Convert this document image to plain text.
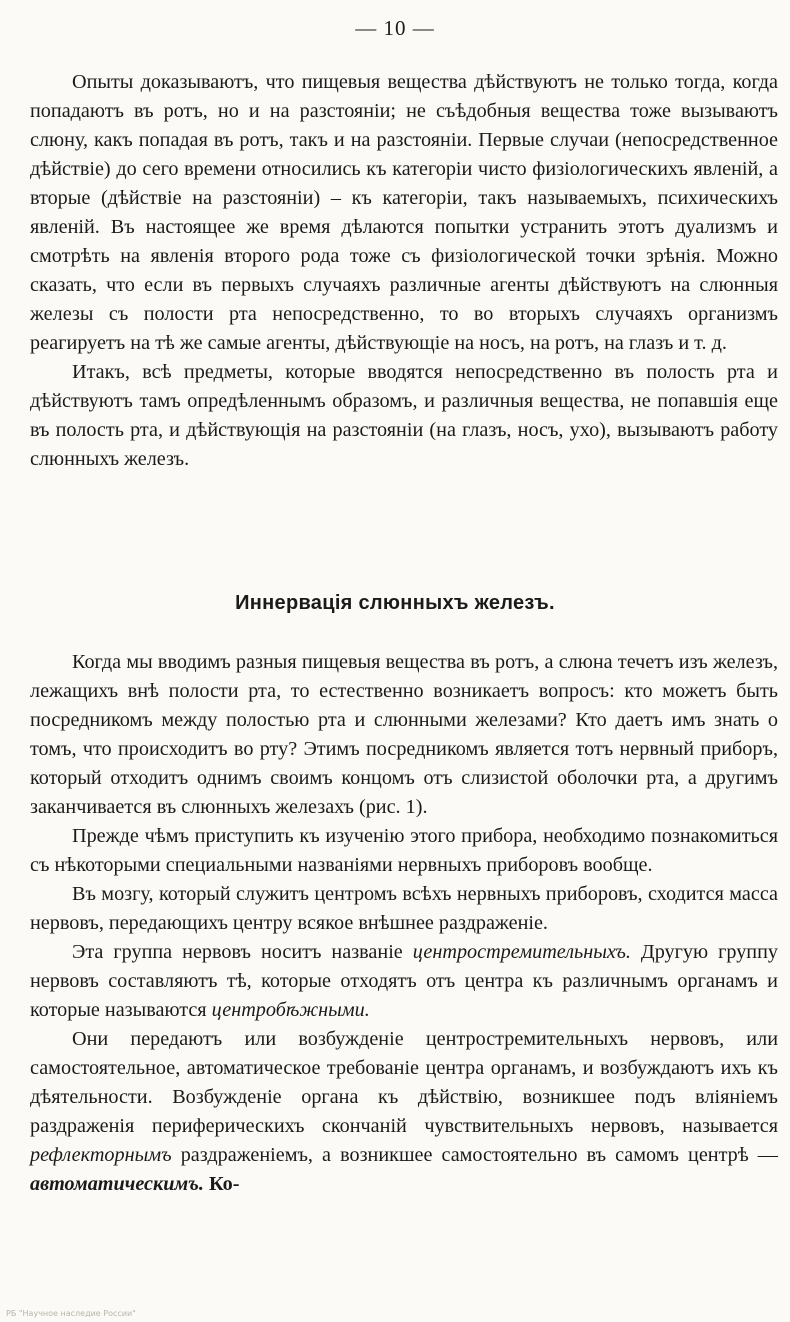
— 10 —

Опыты доказываютъ, что пищевыя вещества дѣйствуютъ не только тогда, когда попадаютъ въ ротъ, но и на разстоянiи; не съѣдобныя вещества тоже вызываютъ слюну, какъ попадая въ ротъ, такъ и на разстоянiи. Первые случаи (непосредственное дѣйствiе) до сего времени относились къ категорiи чисто физiологическихъ явленiй, а вторые (дѣйствiе на разстоянiи) – къ категорiи, такъ называемыхъ, психическихъ явленiй. Въ настоящее же время дѣлаются попытки устранить этотъ дуализмъ и смотрѣть на явленiя второго рода тоже съ физiологической точки зрѣнiя. Можно сказать, что если въ первыхъ случаяхъ различные агенты дѣйствуютъ на слюнныя железы съ полости рта непосредственно, то во вторыхъ случаяхъ организмъ реагируетъ на тѣ же самые агенты, дѣйствующiе на носъ, на ротъ, на глазъ и т. д.

Итакъ, всѣ предметы, которые вводятся непосредственно въ полость рта и дѣйствуютъ тамъ опредѣленнымъ образомъ, и различныя вещества, не попавшiя еще въ полость рта, и дѣйствующiя на разстоянiи (на глазъ, носъ, ухо), вызываютъ работу слюнныхъ железъ.

Иннервацiя слюнныхъ железъ.

Когда мы вводимъ разныя пищевыя вещества въ ротъ, а слюна течетъ изъ железъ, лежащихъ внѣ полости рта, то естественно возникаетъ вопросъ: кто можетъ быть посредникомъ между полостью рта и слюнными железами? Кто даетъ имъ знать о томъ, что происходитъ во рту? Этимъ посредникомъ является тотъ нервный приборъ, который отходитъ однимъ своимъ концомъ отъ слизистой оболочки рта, а другимъ заканчивается въ слюнныхъ железахъ (рис. 1).

Прежде чѣмъ приступить къ изученiю этого прибора, необходимо познакомиться съ нѣкоторыми специальными названiями нервныхъ приборовъ вообще.

Въ мозгу, который служитъ центромъ всѣхъ нервныхъ приборовъ, сходится масса нервовъ, передающихъ центру всякое внѣшнее раздраженiе.

Эта группа нервовъ носитъ названiе центростремительныхъ. Другую группу нервовъ составляютъ тѣ, которые отходятъ отъ центра къ различнымъ органамъ и которые называются центробѣжными.

Они передаютъ или возбужденiе центростремительныхъ нервовъ, или самостоятельное, автоматическое требованiе центра органамъ, и возбуждаютъ ихъ къ дѣятельности. Возбужденiе органа къ дѣйствiю, возникшее подъ влiянiемъ раздраженiя периферическихъ скончанiй чувствительныхъ нервовъ, называется рефлекторнымъ раздраженiемъ, а возникшее самостоятельно въ самомъ центрѣ — автоматическимъ. Ко-

РБ "Научное наследие России"
